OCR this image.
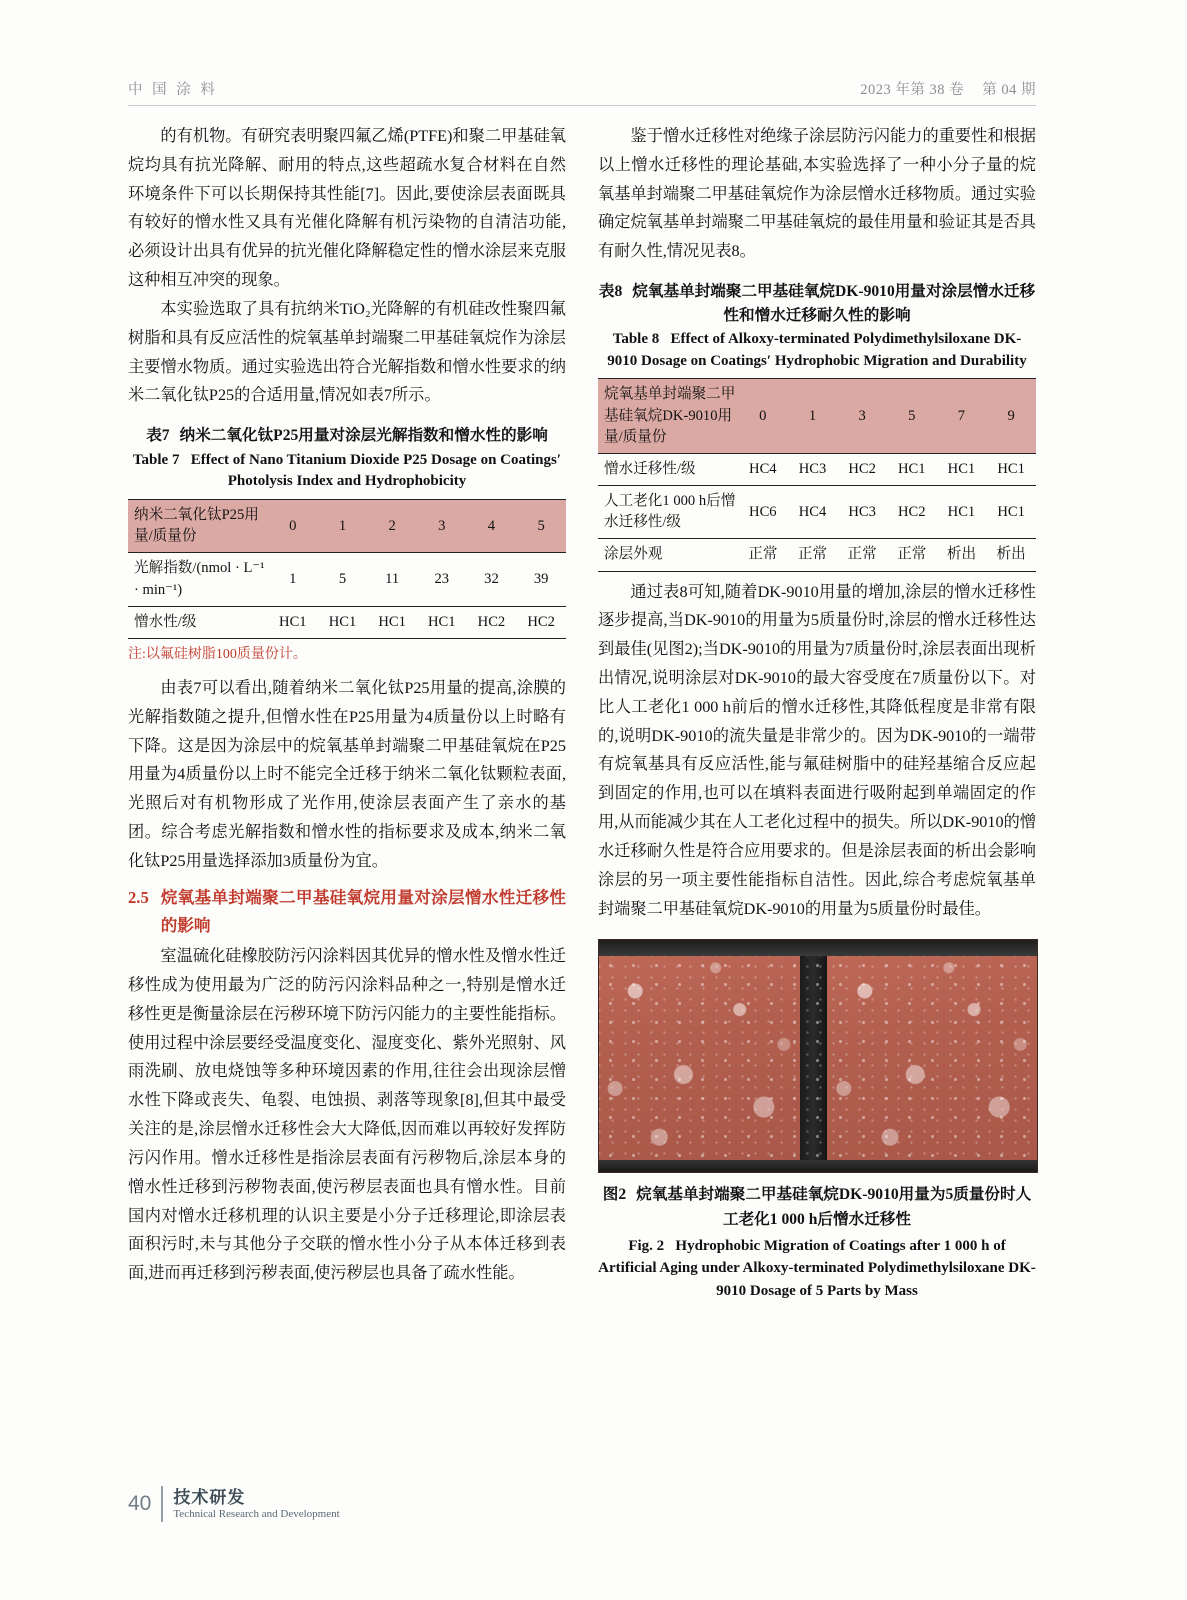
中 国 涂 料	2023 年第 38 卷 第 04 期

的有机物。有研究表明聚四氟乙烯(PTFE)和聚二甲基硅氧烷均具有抗光降解、耐用的特点,这些超疏水复合材料在自然环境条件下可以长期保持其性能[7]。因此,要使涂层表面既具有较好的憎水性又具有光催化降解有机污染物的自清洁功能,必须设计出具有优异的抗光催化降解稳定性的憎水涂层来克服这种相互冲突的现象。

本实验选取了具有抗纳米TiO₂光降解的有机硅改性聚四氟树脂和具有反应活性的烷氧基单封端聚二甲基硅氧烷作为涂层主要憎水物质。通过实验选出符合光解指数和憎水性要求的纳米二氧化钛P25的合适用量,情况如表7所示。

表7 纳米二氧化钛P25用量对涂层光解指数和憎水性的影响
Table 7 Effect of Nano Titanium Dioxide P25 Dosage on Coatings′ Photolysis Index and Hydrophobicity
纳米二氧化钛P25用量/质量份	0	1	2	3	4	5
光解指数/(nmol · L⁻¹ · min⁻¹)	1	5	11	23	32	39
憎水性/级	HC1	HC1	HC1	HC1	HC2	HC2
注:以氟硅树脂100质量份计。

由表7可以看出,随着纳米二氧化钛P25用量的提高,涂膜的光解指数随之提升,但憎水性在P25用量为4质量份以上时略有下降。这是因为涂层中的烷氧基单封端聚二甲基硅氧烷在P25用量为4质量份以上时不能完全迁移于纳米二氧化钛颗粒表面,光照后对有机物形成了光作用,使涂层表面产生了亲水的基团。综合考虑光解指数和憎水性的指标要求及成本,纳米二氧化钛P25用量选择添加3质量份为宜。

2.5 烷氧基单封端聚二甲基硅氧烷用量对涂层憎水性迁移性的影响

室温硫化硅橡胶防污闪涂料因其优异的憎水性及憎水性迁移性成为使用最为广泛的防污闪涂料品种之一,特别是憎水迁移性更是衡量涂层在污秽环境下防污闪能力的主要性能指标。使用过程中涂层要经受温度变化、湿度变化、紫外光照射、风雨洗刷、放电烧蚀等多种环境因素的作用,往往会出现涂层憎水性下降或丧失、龟裂、电蚀损、剥落等现象[8],但其中最受关注的是,涂层憎水迁移性会大大降低,因而难以再较好发挥防污闪作用。憎水迁移性是指涂层表面有污秽物后,涂层本身的憎水性迁移到污秽物表面,使污秽层表面也具有憎水性。目前国内对憎水迁移机理的认识主要是小分子迁移理论,即涂层表面积污时,未与其他分子交联的憎水性小分子从本体迁移到表面,进而再迁移到污秽表面,使污秽层也具备了疏水性能。

鉴于憎水迁移性对绝缘子涂层防污闪能力的重要性和根据以上憎水迁移性的理论基础,本实验选择了一种小分子量的烷氧基单封端聚二甲基硅氧烷作为涂层憎水迁移物质。通过实验确定烷氧基单封端聚二甲基硅氧烷的最佳用量和验证其是否具有耐久性,情况见表8。

表8 烷氧基单封端聚二甲基硅氧烷DK-9010用量对涂层憎水迁移性和憎水迁移耐久性的影响
Table 8 Effect of Alkoxy-terminated Polydimethylsiloxane DK-9010 Dosage on Coatings′ Hydrophobic Migration and Durability
烷氧基单封端聚二甲基硅氧烷DK-9010用量/质量份	0	1	3	5	7	9
憎水迁移性/级	HC4	HC3	HC2	HC1	HC1	HC1
人工老化1 000 h后憎水迁移性/级	HC6	HC4	HC3	HC2	HC1	HC1
涂层外观	正常	正常	正常	正常	析出	析出

通过表8可知,随着DK-9010用量的增加,涂层的憎水迁移性逐步提高,当DK-9010的用量为5质量份时,涂层的憎水迁移性达到最佳(见图2);当DK-9010的用量为7质量份时,涂层表面出现析出情况,说明涂层对DK-9010的最大容受度在7质量份以下。对比人工老化1 000 h前后的憎水迁移性,其降低程度是非常有限的,说明DK-9010的流失量是非常少的。因为DK-9010的一端带有烷氧基具有反应活性,能与氟硅树脂中的硅羟基缩合反应起到固定的作用,也可以在填料表面进行吸附起到单端固定的作用,从而能减少其在人工老化过程中的损失。所以DK-9010的憎水迁移耐久性是符合应用要求的。但是涂层表面的析出会影响涂层的另一项主要性能指标自洁性。因此,综合考虑烷氧基单封端聚二甲基硅氧烷DK-9010的用量为5质量份时最佳。

图2 烷氧基单封端聚二甲基硅氧烷DK-9010用量为5质量份时人工老化1 000 h后憎水迁移性
Fig. 2 Hydrophobic Migration of Coatings after 1 000 h of Artificial Aging under Alkoxy-terminated Polydimethylsiloxane DK-9010 Dosage of 5 Parts by Mass
40 技术研发
Technical Research and Development
